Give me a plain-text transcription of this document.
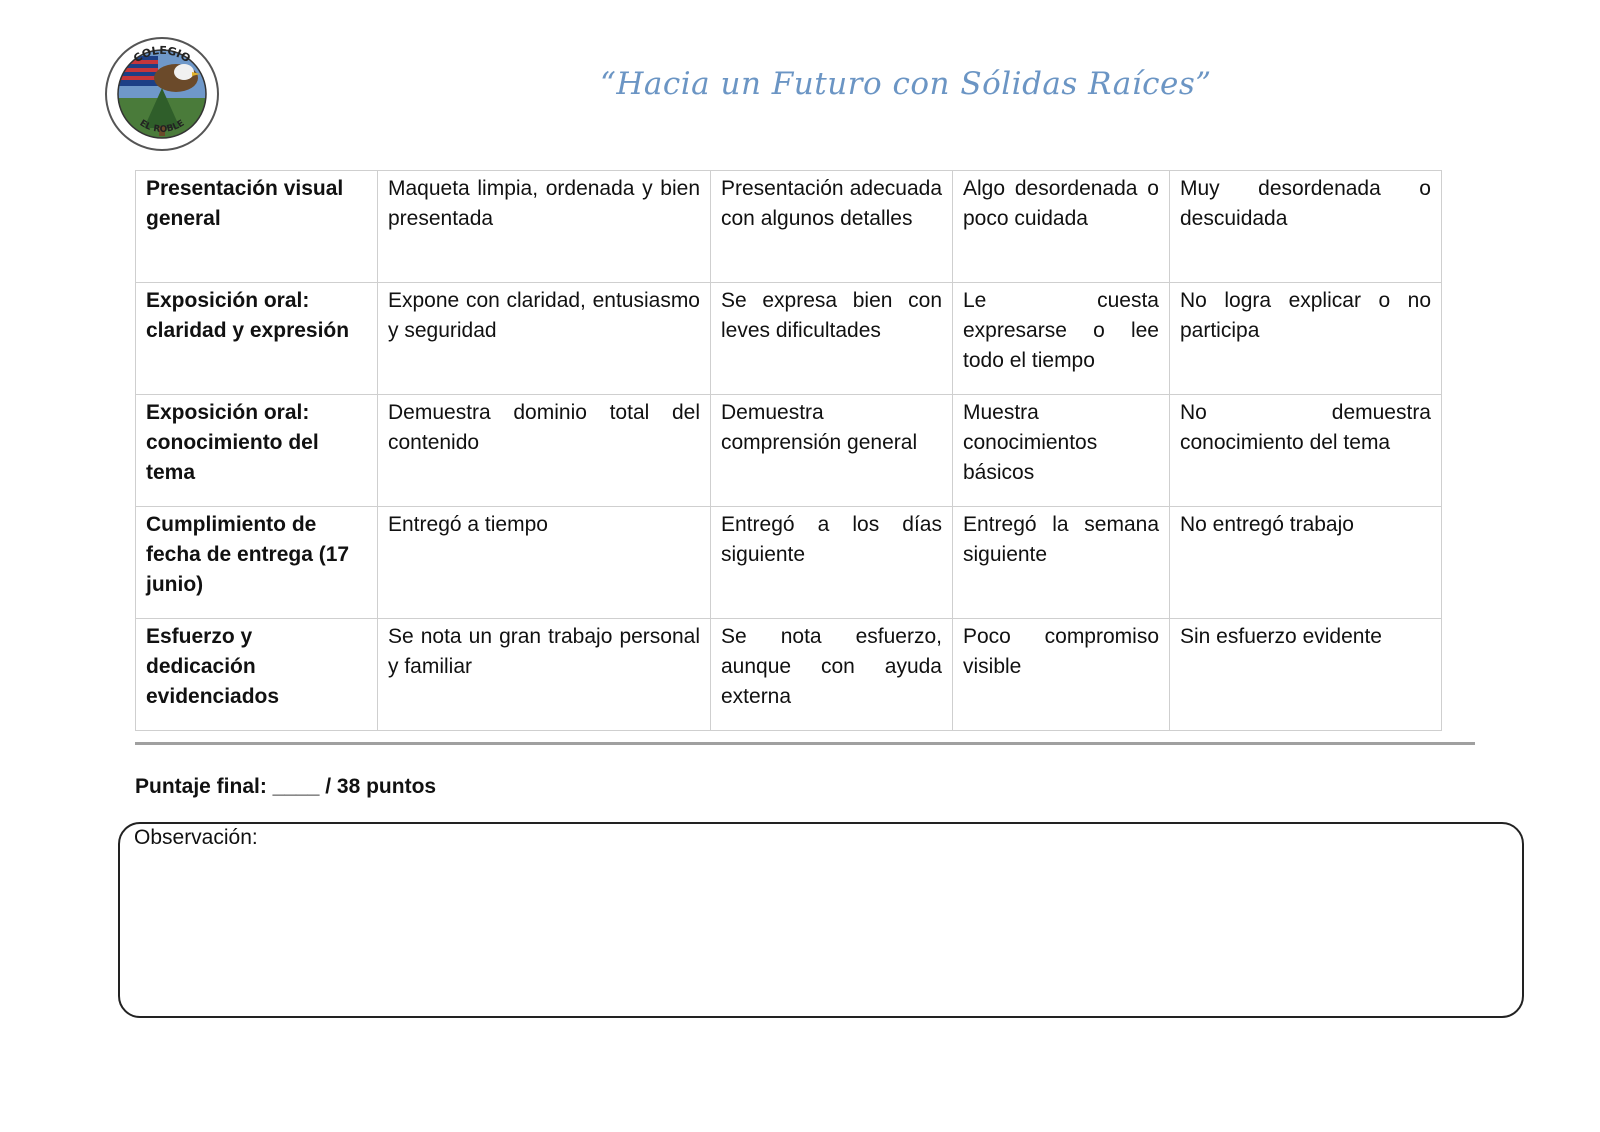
COLEGIO
EL ROBLE
“Hacia un Futuro con Sólidas Raíces”
Presentación visual general	Maqueta limpia, ordenada y bien presentada	Presentación adecuada con algunos detalles	Algo desordenada o poco cuidada	Muy desordenada o descuidada
Exposición oral: claridad y expresión	Expone con claridad, entusiasmo y seguridad	Se expresa bien con leves dificultades	Le cuesta expresarse o lee todo el tiempo	No logra explicar o no participa
Exposición oral: conocimiento del tema	Demuestra dominio total del contenido	Demuestra comprensión general	Muestra conocimientos básicos	No demuestra conocimiento del tema
Cumplimiento de fecha de entrega (17 junio)	Entregó a tiempo	Entregó a los días siguiente	Entregó la semana siguiente	No entregó trabajo
Esfuerzo y dedicación evidenciados	Se nota un gran trabajo personal y familiar	Se nota esfuerzo, aunque con ayuda externa	Poco compromiso visible	Sin esfuerzo evidente
Puntaje final: ____ / 38 puntos
Observación:
